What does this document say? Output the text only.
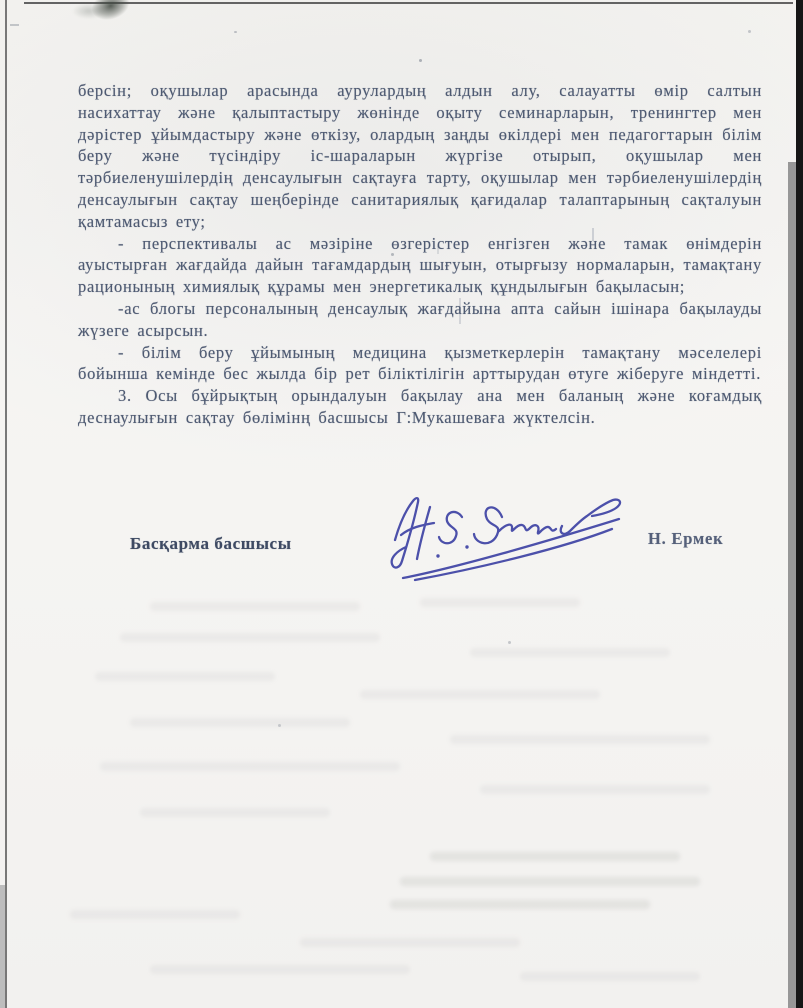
берсін; оқушылар арасында аурулардың алдын алу, салауатты өмір салтын насихаттау және қалыптастыру жөнінде оқыту семинарларын, тренингтер мен дәрістер ұйымдастыру және өткізу, олардың заңды өкілдері мен педагогтарын білім беру және түсіндіру іс-шараларын жүргізе отырып, оқушылар мен тәрбиеленушілердің денсаулығын сақтауға тарту, оқушылар мен тәрбиеленушілердің денсаулығын сақтау шеңберінде санитариялық қағидалар талаптарының сақталуын қамтамасыз ету;

- перспективалы ас мәзіріне өзгерістер енгізген және тамак өнімдерін ауыстырған жағдайда дайын тағамдардың шығуын, отырғызу нормаларын, тамақтану рационының химиялық құрамы мен энергетикалық құндылығын бақыласын;

-ас блогы персоналының денсаулық жағдайына апта сайын ішінара бақылауды жүзеге асырсын.

- білім беру ұйымының медицина қызметкерлерін тамақтану мәселелері бойынша кемінде бес жылда бір рет біліктілігін арттырудан өтуге жіберуге міндетті.

3. Осы бұйрықтың орындалуын бақылау ана мен баланың және коғамдық деснаулығын сақтау бөлімінң басшысы Г:Мукашеваға жүктелсін.

Басқарма басшысы	Н. Ермек
